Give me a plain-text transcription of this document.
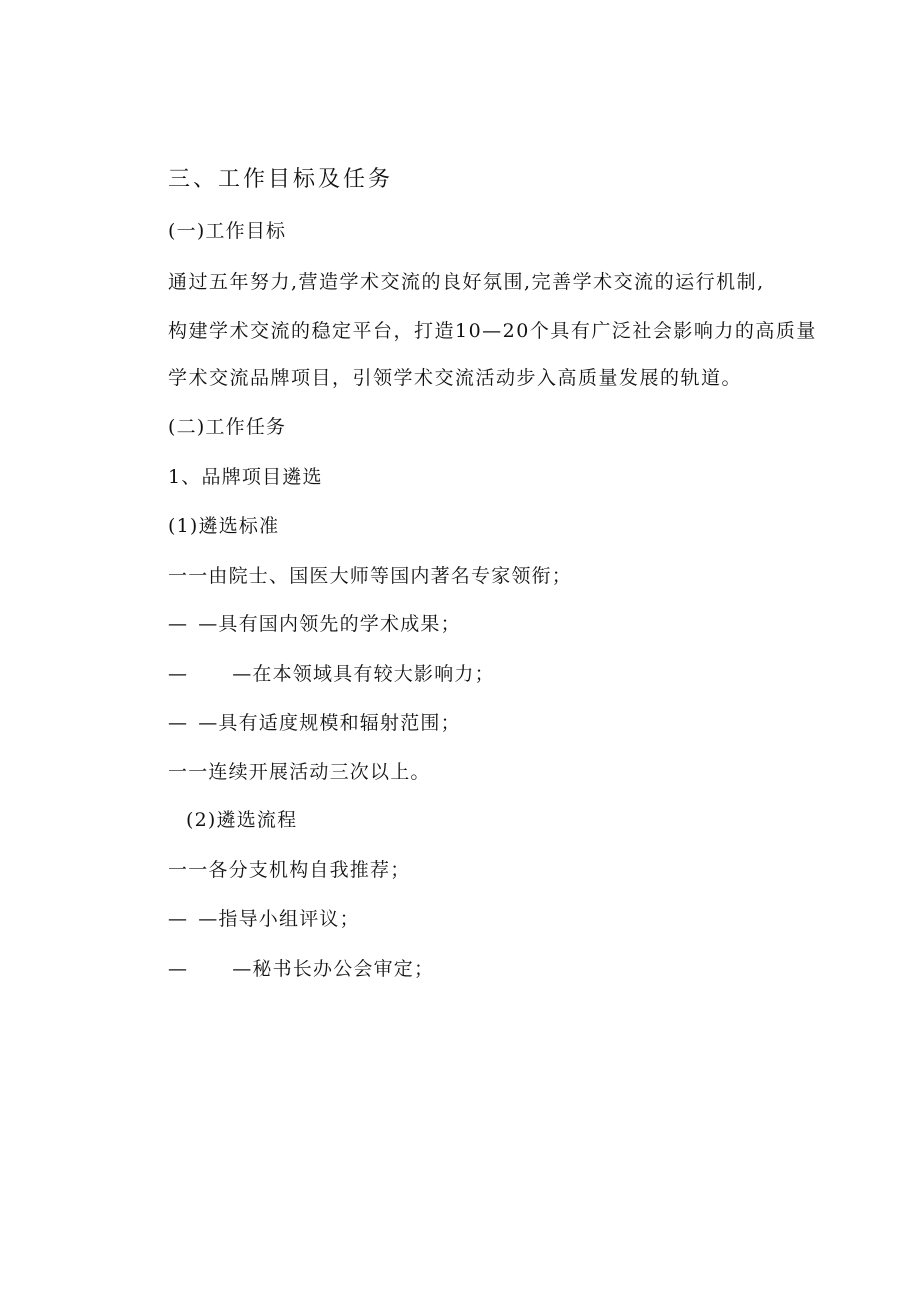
三、工作目标及任务
(一)工作目标
通过五年努力,营造学术交流的良好氛围,完善学术交流的运行机制,
构建学术交流的稳定平台，打造10—20个具有广泛社会影响力的高质量
学术交流品牌项目，引领学术交流活动步入高质量发展的轨道。
(二)工作任务
1、品牌项目遴选
(1)遴选标准
一一 由院士、国医大师等国内著名专家领衔；
— —具有国内领先的学术成果；
— —在本领域具有较大影响力；
— —具有适度规模和辐射范围；
一一 连续开展活动三次以上。
(2)遴选流程
一一 各分支机构自我推荐；
— —指导小组评议；
— —秘书长办公会审定；
